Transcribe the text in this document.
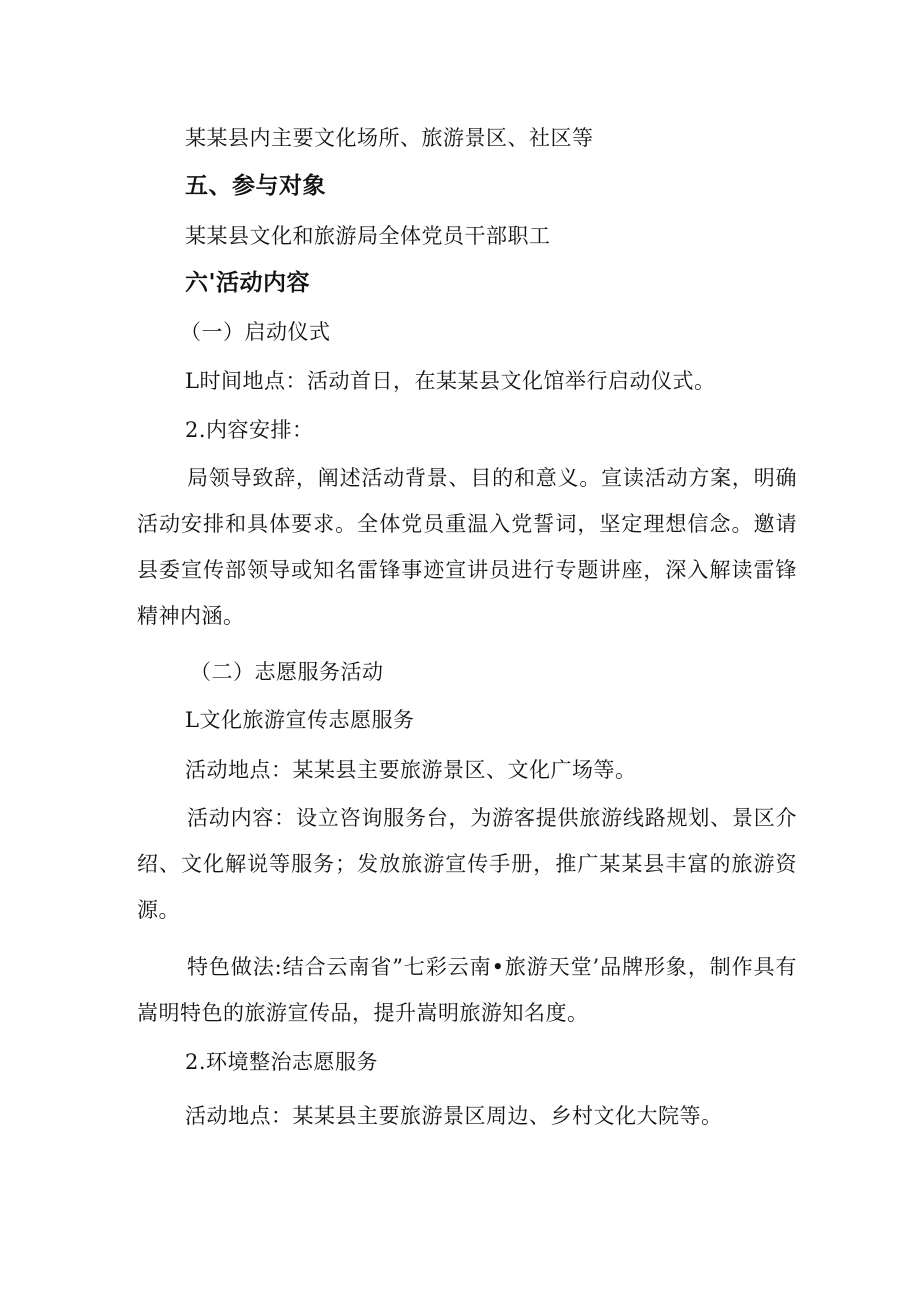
某某县内主要文化场所、旅游景区、社区等
五、参与对象
某某县文化和旅游局全体党员干部职工
六'活动内容
（一）启动仪式
L时间地点：活动首日，在某某县文化馆举行启动仪式。
2.内容安排：
局领导致辞，阐述活动背景、目的和意义。宣读活动方案，明确活动安排和具体要求。全体党员重温入党誓词，坚定理想信念。邀请县委宣传部领导或知名雷锋事迹宣讲员进行专题讲座，深入解读雷锋精神内涵。
（二）志愿服务活动
L文化旅游宣传志愿服务
活动地点：某某县主要旅游景区、文化广场等。
活动内容：设立咨询服务台，为游客提供旅游线路规划、景区介绍、文化解说等服务；发放旅游宣传手册，推广某某县丰富的旅游资源。
特色做法:结合云南省”七彩云南•旅游天堂’品牌形象，制作具有嵩明特色的旅游宣传品，提升嵩明旅游知名度。
2.环境整治志愿服务
活动地点：某某县主要旅游景区周边、乡村文化大院等。
